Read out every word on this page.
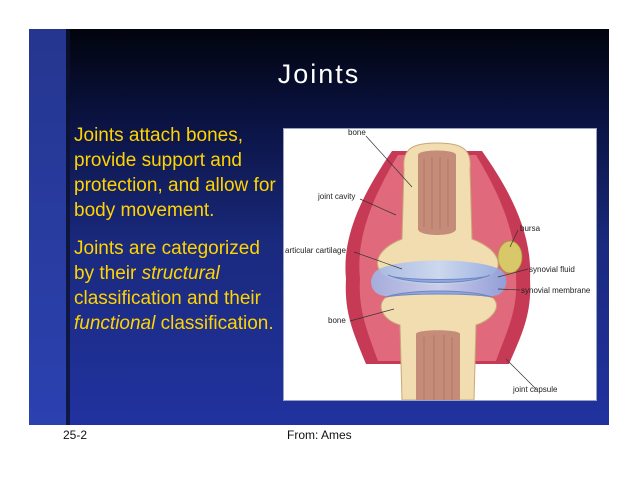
Joints
Joints attach bones, provide support and protection, and allow for body movement.
Joints are categorized by their structural classification and their functional classification.
bone
joint cavity
bursa
articular cartilage
synovial fluid
synovial membrane
bone
joint capsule
25-2	From: Ames
